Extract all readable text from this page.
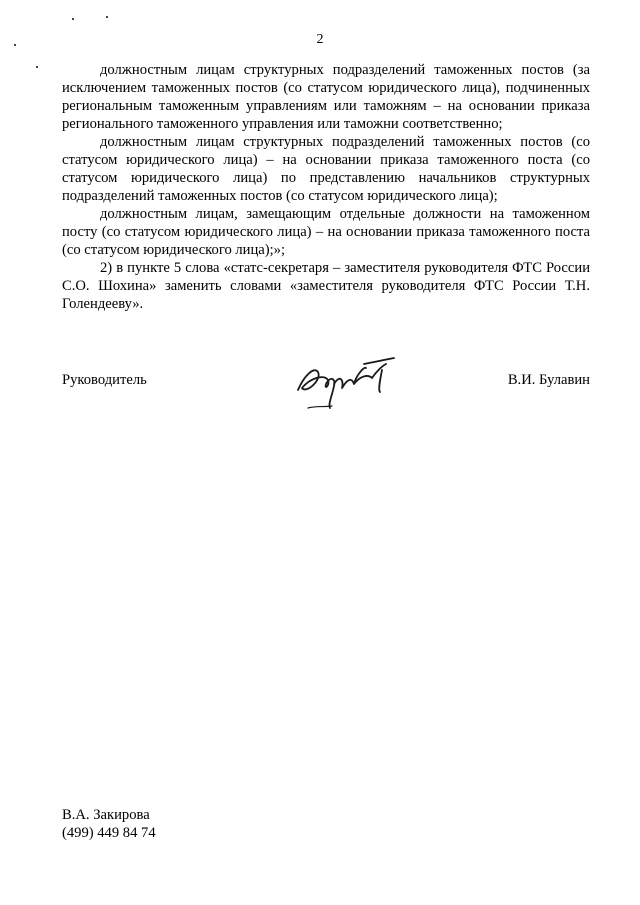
2

должностным лицам структурных подразделений таможенных постов (за исключением таможенных постов (со статусом юридического лица), подчиненных региональным таможенным управлениям или таможням – на основании приказа регионального таможенного управления или таможни соответственно;

должностным лицам структурных подразделений таможенных постов (со статусом юридического лица) – на основании приказа таможенного поста (со статусом юридического лица) по представлению начальников структурных подразделений таможенных постов (со статусом юридического лица);

должностным лицам, замещающим отдельные должности на таможенном посту (со статусом юридического лица) – на основании приказа таможенного поста (со статусом юридического лица);»;

2) в пункте 5 слова «статс-секретаря – заместителя руководителя ФТС России С.О. Шохина» заменить словами «заместителя руководителя ФТС России Т.Н. Голендееву».

Руководитель	В.И. Булавин
В.А. Закирова
(499) 449 84 74
